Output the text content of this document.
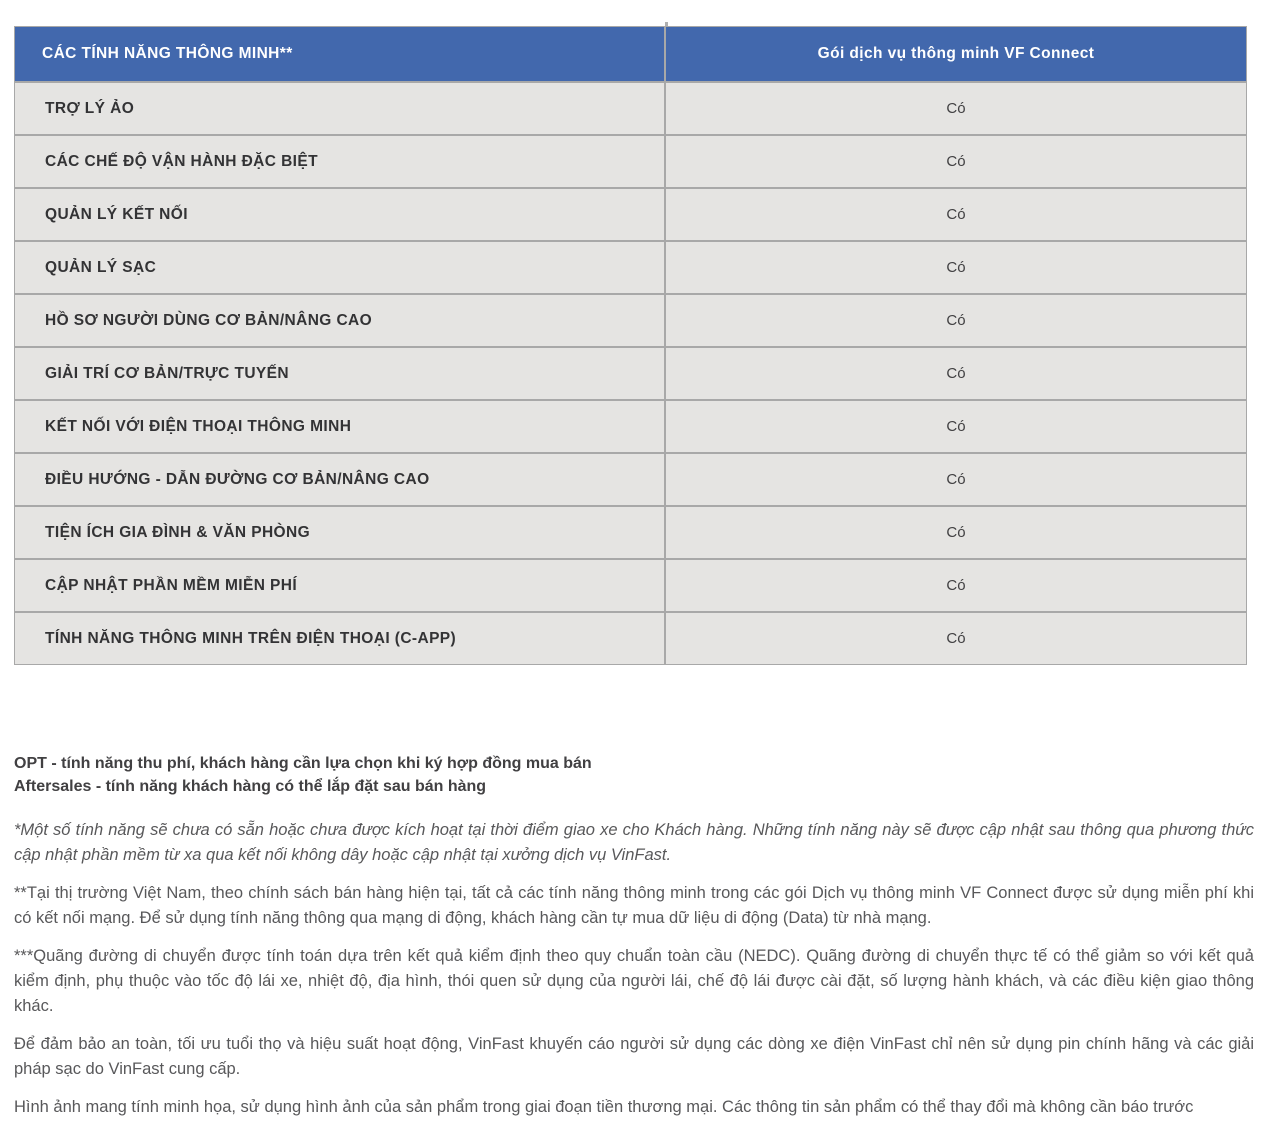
CÁC TÍNH NĂNG THÔNG MINH**	Gói dịch vụ thông minh VF Connect
TRỢ LÝ ẢO	Có
CÁC CHẾ ĐỘ VẬN HÀNH ĐẶC BIỆT	Có
QUẢN LÝ KẾT NỐI	Có
QUẢN LÝ SẠC	Có
HỒ SƠ NGƯỜI DÙNG CƠ BẢN/NÂNG CAO	Có
GIẢI TRÍ CƠ BẢN/TRỰC TUYẾN	Có
KẾT NỐI VỚI ĐIỆN THOẠI THÔNG MINH	Có
ĐIỀU HƯỚNG - DẪN ĐƯỜNG CƠ BẢN/NÂNG CAO	Có
TIỆN ÍCH GIA ĐÌNH & VĂN PHÒNG	Có
CẬP NHẬT PHẦN MỀM MIỄN PHÍ	Có
TÍNH NĂNG THÔNG MINH TRÊN ĐIỆN THOẠI (C-APP)	Có

OPT - tính năng thu phí, khách hàng cần lựa chọn khi ký hợp đồng mua bán
Aftersales - tính năng khách hàng có thể lắp đặt sau bán hàng

*Một số tính năng sẽ chưa có sẵn hoặc chưa được kích hoạt tại thời điểm giao xe cho Khách hàng. Những tính năng này sẽ được cập nhật sau thông qua phương thức cập nhật phần mềm từ xa qua kết nối không dây hoặc cập nhật tại xưởng dịch vụ VinFast.

**Tại thị trường Việt Nam, theo chính sách bán hàng hiện tại, tất cả các tính năng thông minh trong các gói Dịch vụ thông minh VF Connect được sử dụng miễn phí khi có kết nối mạng. Để sử dụng tính năng thông qua mạng di động, khách hàng cần tự mua dữ liệu di động (Data) từ nhà mạng.

***Quãng đường di chuyển được tính toán dựa trên kết quả kiểm định theo quy chuẩn toàn cầu (NEDC). Quãng đường di chuyển thực tế có thể giảm so với kết quả kiểm định, phụ thuộc vào tốc độ lái xe, nhiệt độ, địa hình, thói quen sử dụng của người lái, chế độ lái được cài đặt, số lượng hành khách, và các điều kiện giao thông khác.

Để đảm bảo an toàn, tối ưu tuổi thọ và hiệu suất hoạt động, VinFast khuyến cáo người sử dụng các dòng xe điện VinFast chỉ nên sử dụng pin chính hãng và các giải pháp sạc do VinFast cung cấp.

Hình ảnh mang tính minh họa, sử dụng hình ảnh của sản phẩm trong giai đoạn tiền thương mại. Các thông tin sản phẩm có thể thay đổi mà không cần báo trước
